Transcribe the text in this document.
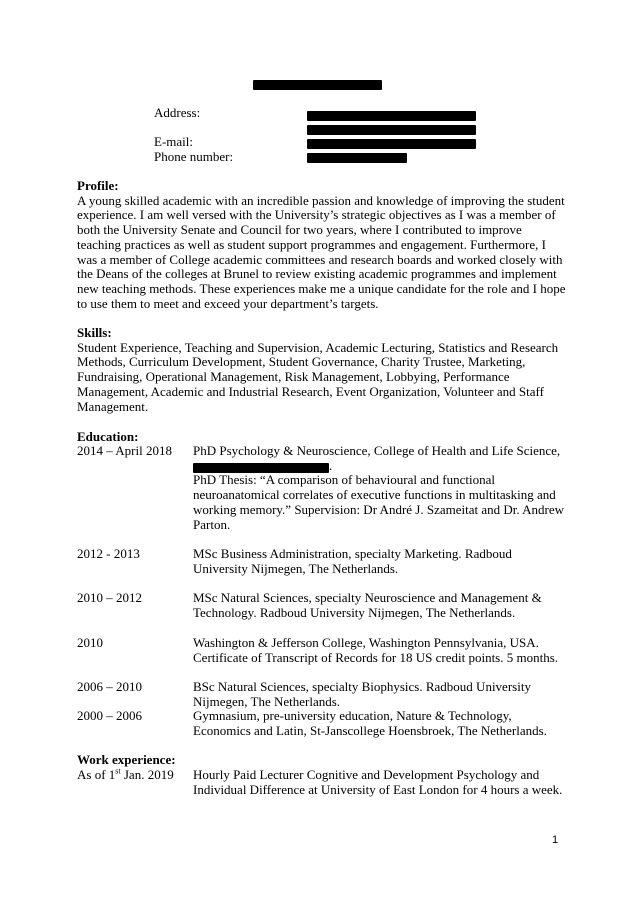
Address:
E-mail:
Phone number:
Profile:
A young skilled academic with an incredible passion and knowledge of improving the student experience. I am well versed with the University’s strategic objectives as I was a member of both the University Senate and Council for two years, where I contributed to improve teaching practices as well as student support programmes and engagement. Furthermore, I was a member of College academic committees and research boards and worked closely with the Deans of the colleges at Brunel to review existing academic programmes and implement new teaching methods. These experiences make me a unique candidate for the role and I hope to use them to meet and exceed your department’s targets.
Skills:
Student Experience, Teaching and Supervision, Academic Lecturing, Statistics and Research Methods, Curriculum Development, Student Governance, Charity Trustee, Marketing, Fundraising, Operational Management, Risk Management, Lobbying, Performance Management, Academic and Industrial Research, Event Organization, Volunteer and Staff Management.
Education:
2014 – April 2018 PhD Psychology & Neuroscience, College of Health and Life Science,
.
PhD Thesis: “A comparison of behavioural and functional neuroanatomical correlates of executive functions in multitasking and working memory.” Supervision: Dr André J. Szameitat and Dr. Andrew Parton.
2012 - 2013	MSc Business Administration, specialty Marketing. Radboud University Nijmegen, The Netherlands.
2010 – 2012	MSc Natural Sciences, specialty Neuroscience and Management & Technology. Radboud University Nijmegen, The Netherlands.
2010	Washington & Jefferson College, Washington Pennsylvania, USA. Certificate of Transcript of Records for 18 US credit points. 5 months.
2006 – 2010	BSc Natural Sciences, specialty Biophysics. Radboud University Nijmegen, The Netherlands.
2000 – 2006	Gymnasium, pre-university education, Nature & Technology, Economics and Latin, St-Janscollege Hoensbroek, The Netherlands.
Work experience:
As of 1st Jan. 2019 Hourly Paid Lecturer Cognitive and Development Psychology and Individual Difference at University of East London for 4 hours a week.
1
